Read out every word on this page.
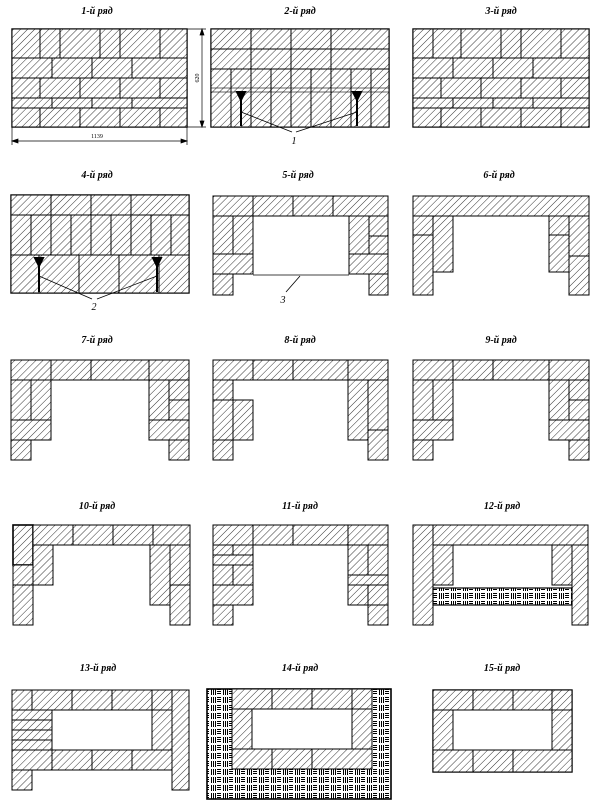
1-й ряд	2-й ряд	3-й ряд
4-й ряд	5-й ряд	6-й ряд
7-й ряд	8-й ряд	9-й ряд
10-й ряд	11-й ряд	12-й ряд
13-й ряд	14-й ряд	15-й ряд
1139
620
1
2
3
